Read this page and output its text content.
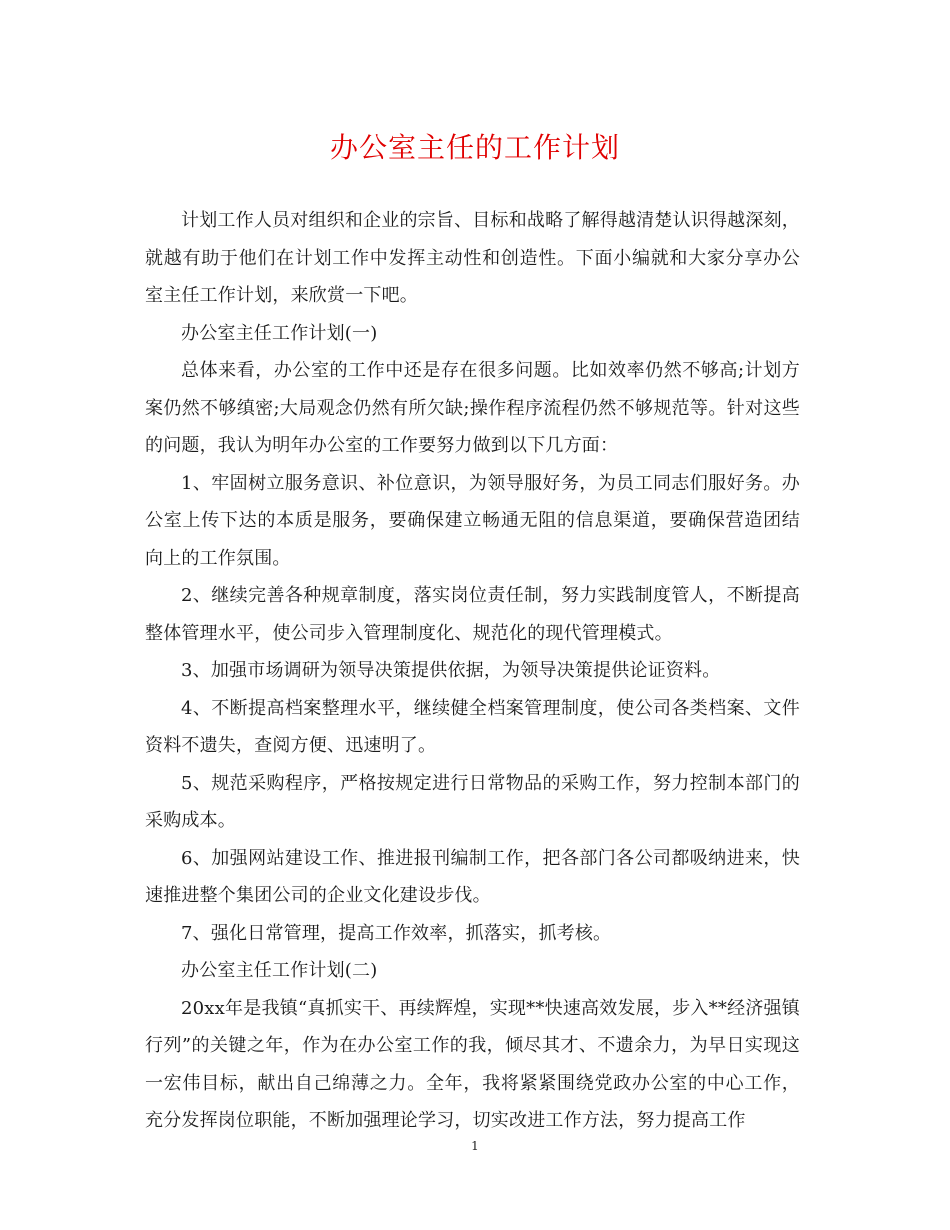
办公室主任的工作计划

计划工作人员对组织和企业的宗旨、目标和战略了解得越清楚认识得越深刻，就越有助于他们在计划工作中发挥主动性和创造性。下面小编就和大家分享办公室主任工作计划，来欣赏一下吧。

办公室主任工作计划(一)

总体来看，办公室的工作中还是存在很多问题。比如效率仍然不够高;计划方案仍然不够缜密;大局观念仍然有所欠缺;操作程序流程仍然不够规范等。针对这些的问题，我认为明年办公室的工作要努力做到以下几方面：

1、牢固树立服务意识、补位意识，为领导服好务，为员工同志们服好务。办公室上传下达的本质是服务，要确保建立畅通无阻的信息渠道，要确保营造团结向上的工作氛围。

2、继续完善各种规章制度，落实岗位责任制，努力实践制度管人，不断提高整体管理水平，使公司步入管理制度化、规范化的现代管理模式。

3、加强市场调研为领导决策提供依据，为领导决策提供论证资料。

4、不断提高档案整理水平，继续健全档案管理制度，使公司各类档案、文件资料不遗失，查阅方便、迅速明了。

5、规范采购程序，严格按规定进行日常物品的采购工作，努力控制本部门的采购成本。

6、加强网站建设工作、推进报刊编制工作，把各部门各公司都吸纳进来，快速推进整个集团公司的企业文化建设步伐。

7、强化日常管理，提高工作效率，抓落实，抓考核。

办公室主任工作计划(二)

20xx年是我镇“真抓实干、再续辉煌，实现**快速高效发展，步入**经济强镇行列”的关键之年，作为在办公室工作的我，倾尽其才、不遗余力，为早日实现这一宏伟目标，献出自己绵薄之力。全年，我将紧紧围绕党政办公室的中心工作，充分发挥岗位职能，不断加强理论学习，切实改进工作方法，努力提高工作

1
